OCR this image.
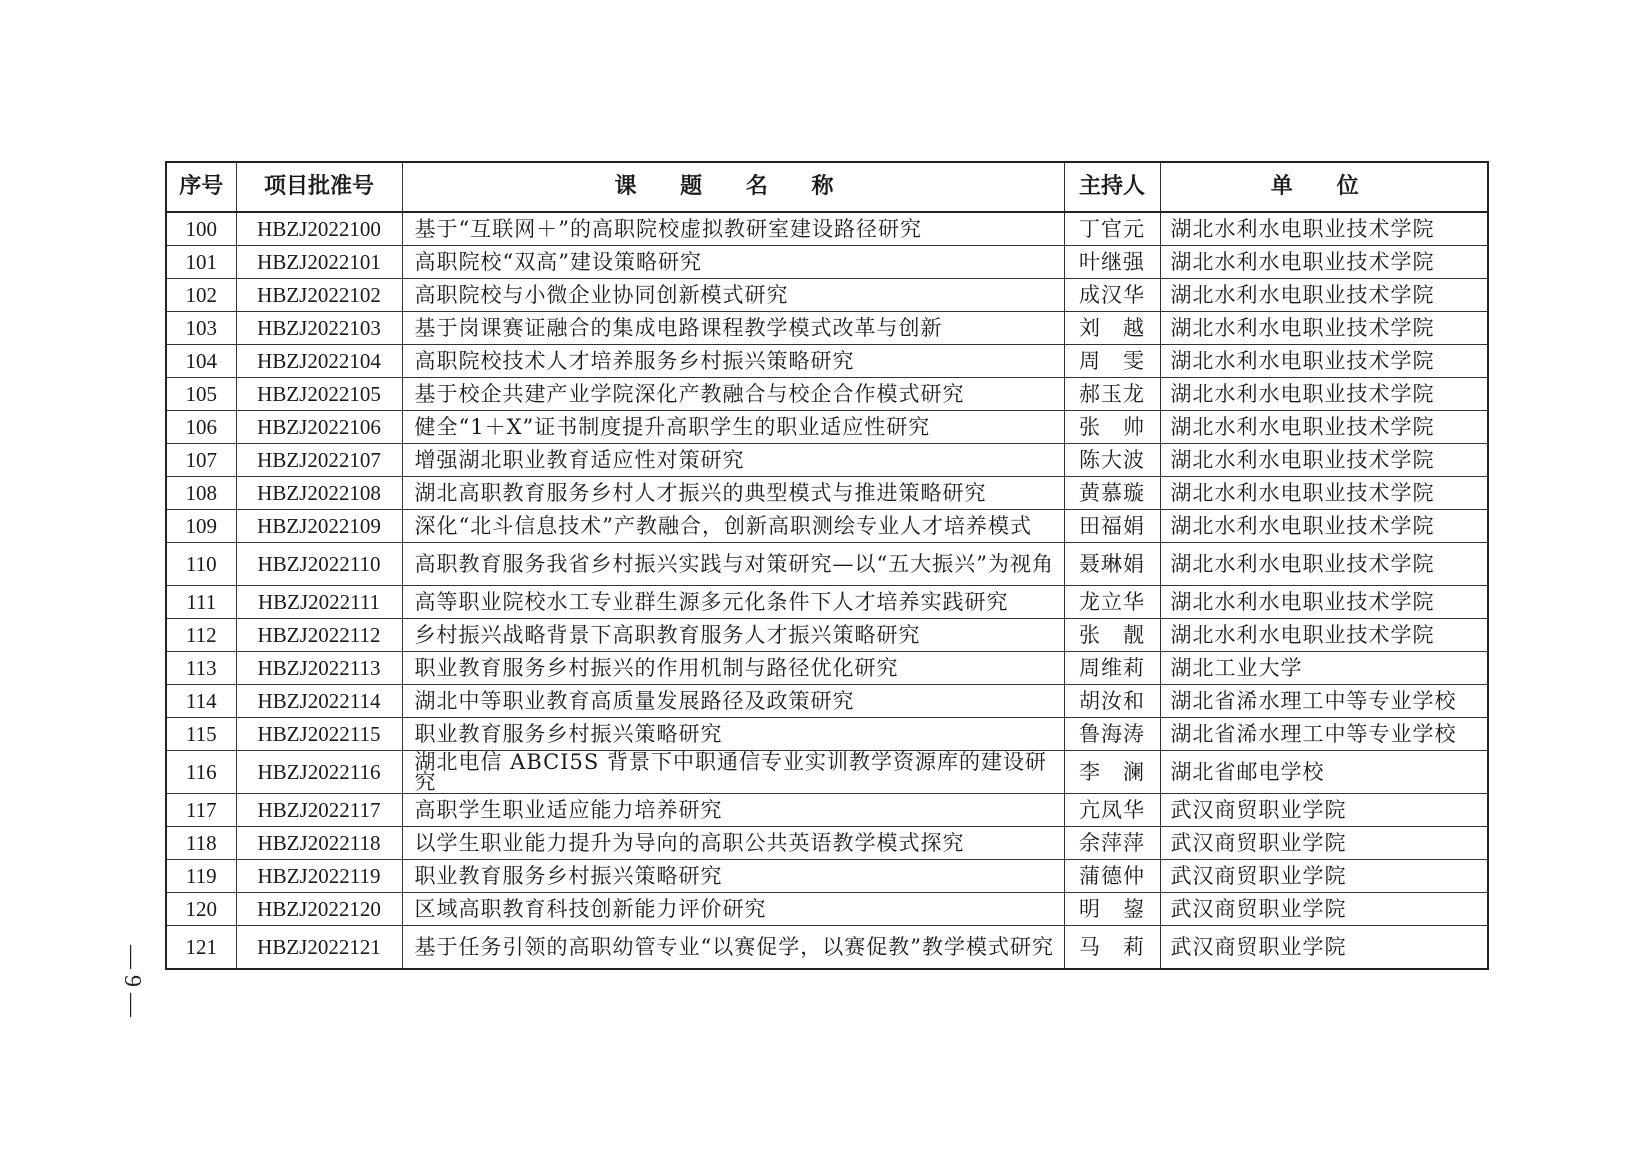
序号	项目批准号	课 题 名 称	主持人	单 位
100	HBZJ2022100	基于“互联网＋”的高职院校虚拟教研室建设路径研究	丁官元	湖北水利水电职业技术学院
101	HBZJ2022101	高职院校“双高”建设策略研究	叶继强	湖北水利水电职业技术学院
102	HBZJ2022102	高职院校与小微企业协同创新模式研究	成汉华	湖北水利水电职业技术学院
103	HBZJ2022103	基于岗课赛证融合的集成电路课程教学模式改革与创新	刘　越	湖北水利水电职业技术学院
104	HBZJ2022104	高职院校技术人才培养服务乡村振兴策略研究	周　雯	湖北水利水电职业技术学院
105	HBZJ2022105	基于校企共建产业学院深化产教融合与校企合作模式研究	郝玉龙	湖北水利水电职业技术学院
106	HBZJ2022106	健全“1＋X”证书制度提升高职学生的职业适应性研究	张　帅	湖北水利水电职业技术学院
107	HBZJ2022107	增强湖北职业教育适应性对策研究	陈大波	湖北水利水电职业技术学院
108	HBZJ2022108	湖北高职教育服务乡村人才振兴的典型模式与推进策略研究	黄慕璇	湖北水利水电职业技术学院
109	HBZJ2022109	深化“北斗信息技术”产教融合，创新高职测绘专业人才培养模式	田福娟	湖北水利水电职业技术学院
110	HBZJ2022110	高职教育服务我省乡村振兴实践与对策研究—以“五大振兴”为视角	聂琳娟	湖北水利水电职业技术学院
111	HBZJ2022111	高等职业院校水工专业群生源多元化条件下人才培养实践研究	龙立华	湖北水利水电职业技术学院
112	HBZJ2022112	乡村振兴战略背景下高职教育服务人才振兴策略研究	张　靓	湖北水利水电职业技术学院
113	HBZJ2022113	职业教育服务乡村振兴的作用机制与路径优化研究	周维莉	湖北工业大学
114	HBZJ2022114	湖北中等职业教育高质量发展路径及政策研究	胡汝和	湖北省浠水理工中等专业学校
115	HBZJ2022115	职业教育服务乡村振兴策略研究	鲁海涛	湖北省浠水理工中等专业学校
116	HBZJ2022116	湖北电信 ABCI5S 背景下中职通信专业实训教学资源库的建设研究	李　澜	湖北省邮电学校
117	HBZJ2022117	高职学生职业适应能力培养研究	亢凤华	武汉商贸职业学院
118	HBZJ2022118	以学生职业能力提升为导向的高职公共英语教学模式探究	余萍萍	武汉商贸职业学院
119	HBZJ2022119	职业教育服务乡村振兴策略研究	蒲德仲	武汉商贸职业学院
120	HBZJ2022120	区域高职教育科技创新能力评价研究	明　鋆	武汉商贸职业学院
121	HBZJ2022121	基于任务引领的高职幼管专业“以赛促学，以赛促教”教学模式研究	马　莉	武汉商贸职业学院
— 9 —
